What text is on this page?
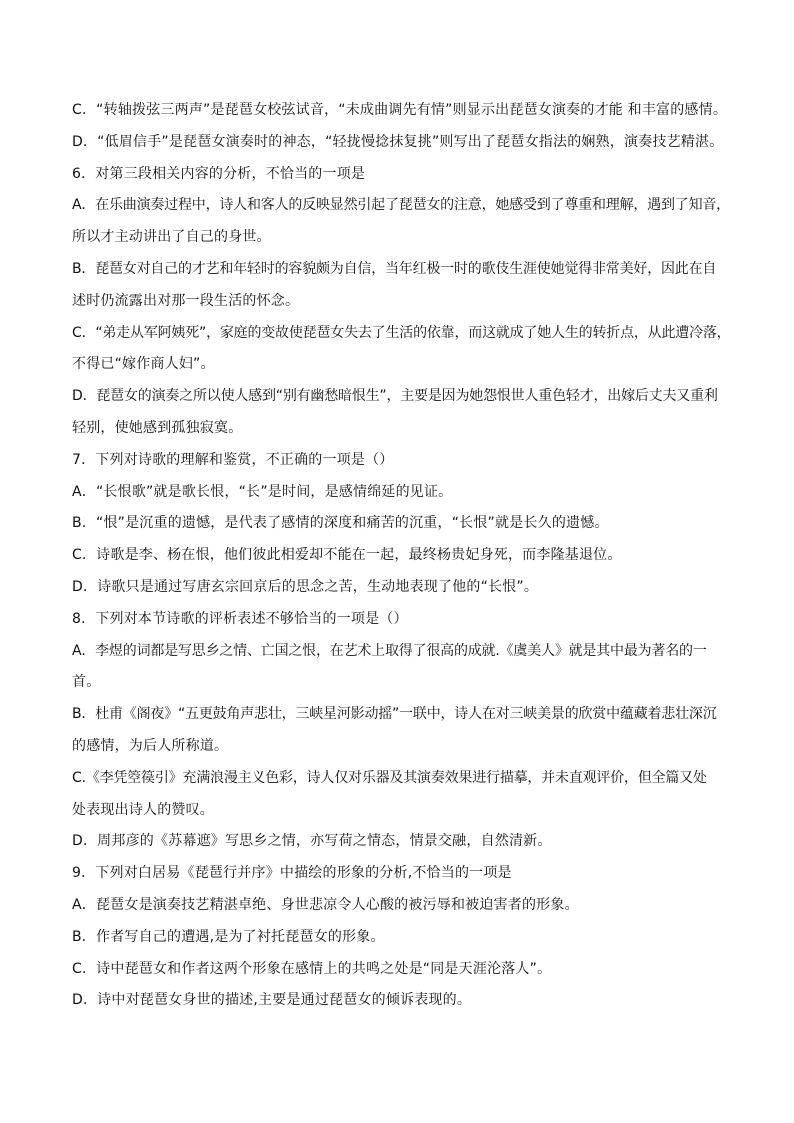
C．“转轴拨弦三两声”是琵琶女校弦试音，“未成曲调先有情”则显示出琵琶女演奏的才能 和丰富的感情。
D．“低眉信手”是琵琶女演奏时的神态，“轻拢慢捻抹复挑”则写出了琵琶女指法的娴熟，演奏技艺精湛。
6．对第三段相关内容的分析，不恰当的一项是
A．在乐曲演奏过程中，诗人和客人的反映显然引起了琵琶女的注意，她感受到了尊重和理解，遇到了知音，
所以才主动讲出了自己的身世。
B．琵琶女对自己的才艺和年轻时的容貌颇为自信，当年红极一时的歌伎生涯使她觉得非常美好，因此在自
述时仍流露出对那一段生活的怀念。
C．“弟走从军阿姨死”，家庭的变故使琵琶女失去了生活的依靠，而这就成了她人生的转折点，从此遭冷落，
不得已“嫁作商人妇”。
D．琵琶女的演奏之所以使人感到“别有幽愁暗恨生”，主要是因为她怨恨世人重色轻才，出嫁后丈夫又重利
轻别，使她感到孤独寂寞。
7．下列对诗歌的理解和鉴赏，不正确的一项是（）
A．“长恨歌”就是歌长恨，“长”是时间，是感情绵延的见证。
B．“恨”是沉重的遗憾，是代表了感情的深度和痛苦的沉重，“长恨”就是长久的遗憾。
C．诗歌是李、杨在恨，他们彼此相爱却不能在一起，最终杨贵妃身死，而李隆基退位。
D．诗歌只是通过写唐玄宗回京后的思念之苦，生动地表现了他的“长恨”。
8．下列对本节诗歌的评析表述不够恰当的一项是（）
A．李煜的词都是写思乡之情、亡国之恨，在艺术上取得了很高的成就.《虞美人》就是其中最为著名的一
首。
B．杜甫《阁夜》“五更鼓角声悲壮，三峡星河影动摇”一联中，诗人在对三峡美景的欣赏中蕴藏着悲壮深沉
的感情，为后人所称道。
C.《李凭箜篌引》充满浪漫主义色彩，诗人仅对乐器及其演奏效果进行描摹，并未直观评价，但全篇又处
处表现出诗人的赞叹。
D．周邦彦的《苏幕遮》写思乡之情，亦写荷之情态，情景交融，自然清新。
9．下列对白居易《琵琶行并序》中描绘的形象的分析,不恰当的一项是
A．琵琶女是演奏技艺精湛卓绝、身世悲凉令人心酸的被污辱和被迫害者的形象。
B．作者写自己的遭遇,是为了衬托琵琶女的形象。
C．诗中琵琶女和作者这两个形象在感情上的共鸣之处是“同是天涯沦落人”。
D．诗中对琵琶女身世的描述,主要是通过琵琶女的倾诉表现的。
